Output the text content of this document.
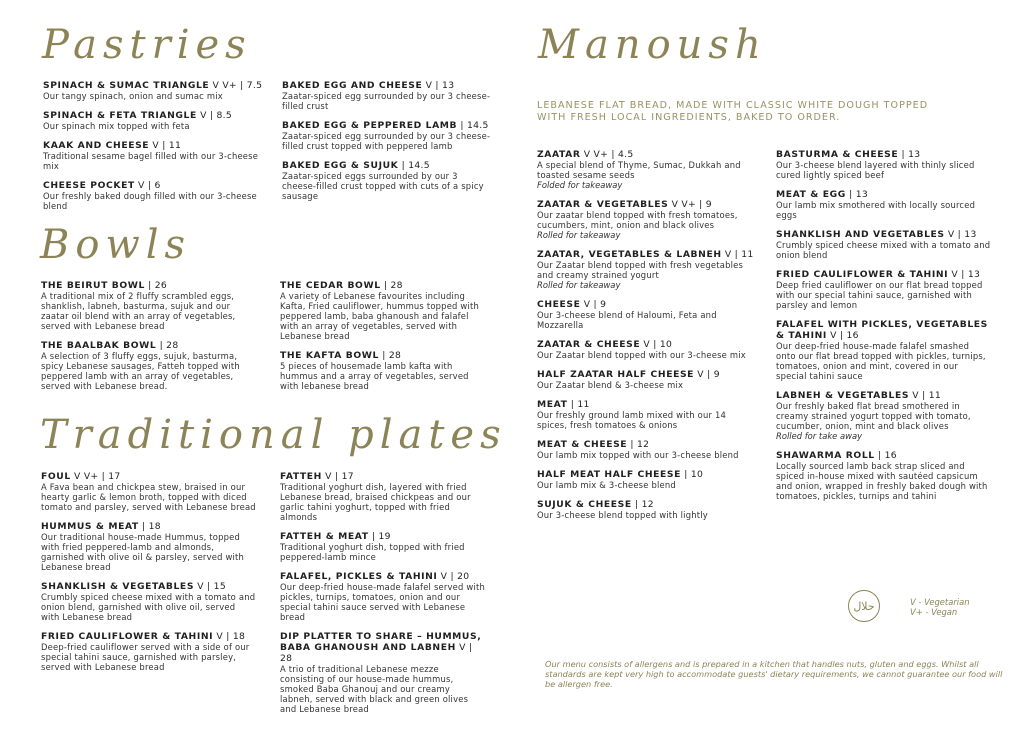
Pastries
Bowls
Traditional plates
Manoush
LEBANESE FLAT BREAD, MADE WITH CLASSIC WHITE DOUGH TOPPED WITH FRESH LOCAL INGREDIENTS, BAKED TO ORDER.
SPINACH & SUMAC TRIANGLE V V+ | 7.5
Our tangy spinach, onion and sumac mix
SPINACH & FETA TRIANGLE V | 8.5
Our spinach mix topped with feta
KAAK AND CHEESE V | 11
Traditional sesame bagel filled with our 3-cheese mix
CHEESE POCKET V | 6
Our freshly baked dough filled with our 3-cheese blend
BAKED EGG AND CHEESE V | 13
Zaatar-spiced egg surrounded by our 3 cheese-filled crust
BAKED EGG & PEPPERED LAMB | 14.5
Zaatar-spiced egg surrounded by our 3 cheese-filled crust topped with peppered lamb
BAKED EGG & SUJUK | 14.5
Zaatar-spiced eggs surrounded by our 3 cheese-filled crust topped with cuts of a spicy sausage
THE BEIRUT BOWL | 26
A traditional mix of 2 fluffy scrambled eggs, shanklish, labneh, basturma, sujuk and our zaatar oil blend with an array of vegetables, served with Lebanese bread
THE BAALBAK BOWL | 28
A selection of 3 fluffy eggs, sujuk, basturma, spicy Lebanese sausages, Fatteh topped with peppered lamb with an array of vegetables, served with Lebanese bread.
THE CEDAR BOWL | 28
A variety of Lebanese favourites including Kafta, Fried cauliflower, hummus topped with peppered lamb, baba ghanoush and falafel with an array of vegetables, served with Lebanese bread
THE KAFTA BOWL | 28
5 pieces of housemade lamb kafta with hummus and a array of vegetables, served with lebanese bread
FOUL V V+ | 17
A Fava bean and chickpea stew, braised in our hearty garlic & lemon broth, topped with diced tomato and parsley, served with Lebanese bread
HUMMUS & MEAT | 18
Our traditional house-made Hummus, topped with fried peppered-lamb and almonds, garnished with olive oil & parsley, served with Lebanese bread
SHANKLISH & VEGETABLES V | 15
Crumbly spiced cheese mixed with a tomato and onion blend, garnished with olive oil, served with Lebanese bread
FRIED CAULIFLOWER & TAHINI V | 18
Deep-fried cauliflower served with a side of our special tahini sauce, garnished with parsley, served with Lebanese bread
FATTEH V | 17
Traditional yoghurt dish, layered with fried Lebanese bread, braised chickpeas and our garlic tahini yoghurt, topped with fried almonds
FATTEH & MEAT | 19
Traditional yoghurt dish, topped with fried peppered-lamb mince
FALAFEL, PICKLES & TAHINI V | 20
Our deep-fried house-made falafel served with pickles, turnips, tomatoes, onion and our special tahini sauce served with Lebanese bread
DIP PLATTER TO SHARE – HUMMUS, BABA GHANOUSH AND LABNEH V | 28
A trio of traditional Lebanese mezze consisting of our house-made hummus, smoked Baba Ghanouj and our creamy labneh, served with black and green olives and Lebanese bread
ZAATAR V V+ | 4.5
A special blend of Thyme, Sumac, Dukkah and toasted sesame seeds
Folded for takeaway
ZAATAR & VEGETABLES V V+ | 9
Our zaatar blend topped with fresh tomatoes, cucumbers, mint, onion and black olives
Rolled for takeaway
ZAATAR, VEGETABLES & LABNEH V | 11
Our Zaatar blend topped with fresh vegetables and creamy strained yogurt
Rolled for takeaway
CHEESE V | 9
Our 3-cheese blend of Haloumi, Feta and Mozzarella
ZAATAR & CHEESE V | 10
Our Zaatar blend topped with our 3-cheese mix
HALF ZAATAR HALF CHEESE V | 9
Our Zaatar blend & 3-cheese mix
MEAT | 11
Our freshly ground lamb mixed with our 14 spices, fresh tomatoes & onions
MEAT & CHEESE | 12
Our lamb mix topped with our 3-cheese blend
HALF MEAT HALF CHEESE | 10
Our lamb mix & 3-cheese blend
SUJUK & CHEESE | 12
Our 3-cheese blend topped with lightly
BASTURMA & CHEESE | 13
Our 3-cheese blend layered with thinly sliced cured lightly spiced beef
MEAT & EGG | 13
Our lamb mix smothered with locally sourced eggs
SHANKLISH AND VEGETABLES V | 13
Crumbly spiced cheese mixed with a tomato and onion blend
FRIED CAULIFLOWER & TAHINI V | 13
Deep fried cauliflower on our flat bread topped with our special tahini sauce, garnished with parsley and lemon
FALAFEL WITH PICKLES, VEGETABLES & TAHINI V | 16
Our deep-fried house-made falafel smashed onto our flat bread topped with pickles, turnips, tomatoes, onion and mint, covered in our special tahini sauce
LABNEH & VEGETABLES V | 11
Our freshly baked flat bread smothered in creamy strained yogurt topped with tomato, cucumber, onion, mint and black olives
Rolled for take away
SHAWARMA ROLL | 16
Locally sourced lamb back strap sliced and spiced in-house mixed with sautéed capsicum and onion, wrapped in freshly baked dough with tomatoes, pickles, turnips and tahini
حلال	V - Vegetarian
V+ - Vegan
Our menu consists of allergens and is prepared in a kitchen that handles nuts, gluten and eggs. Whilst all standards are kept very high to accommodate guests' dietary requirements, we cannot guarantee our food will be allergen free.
